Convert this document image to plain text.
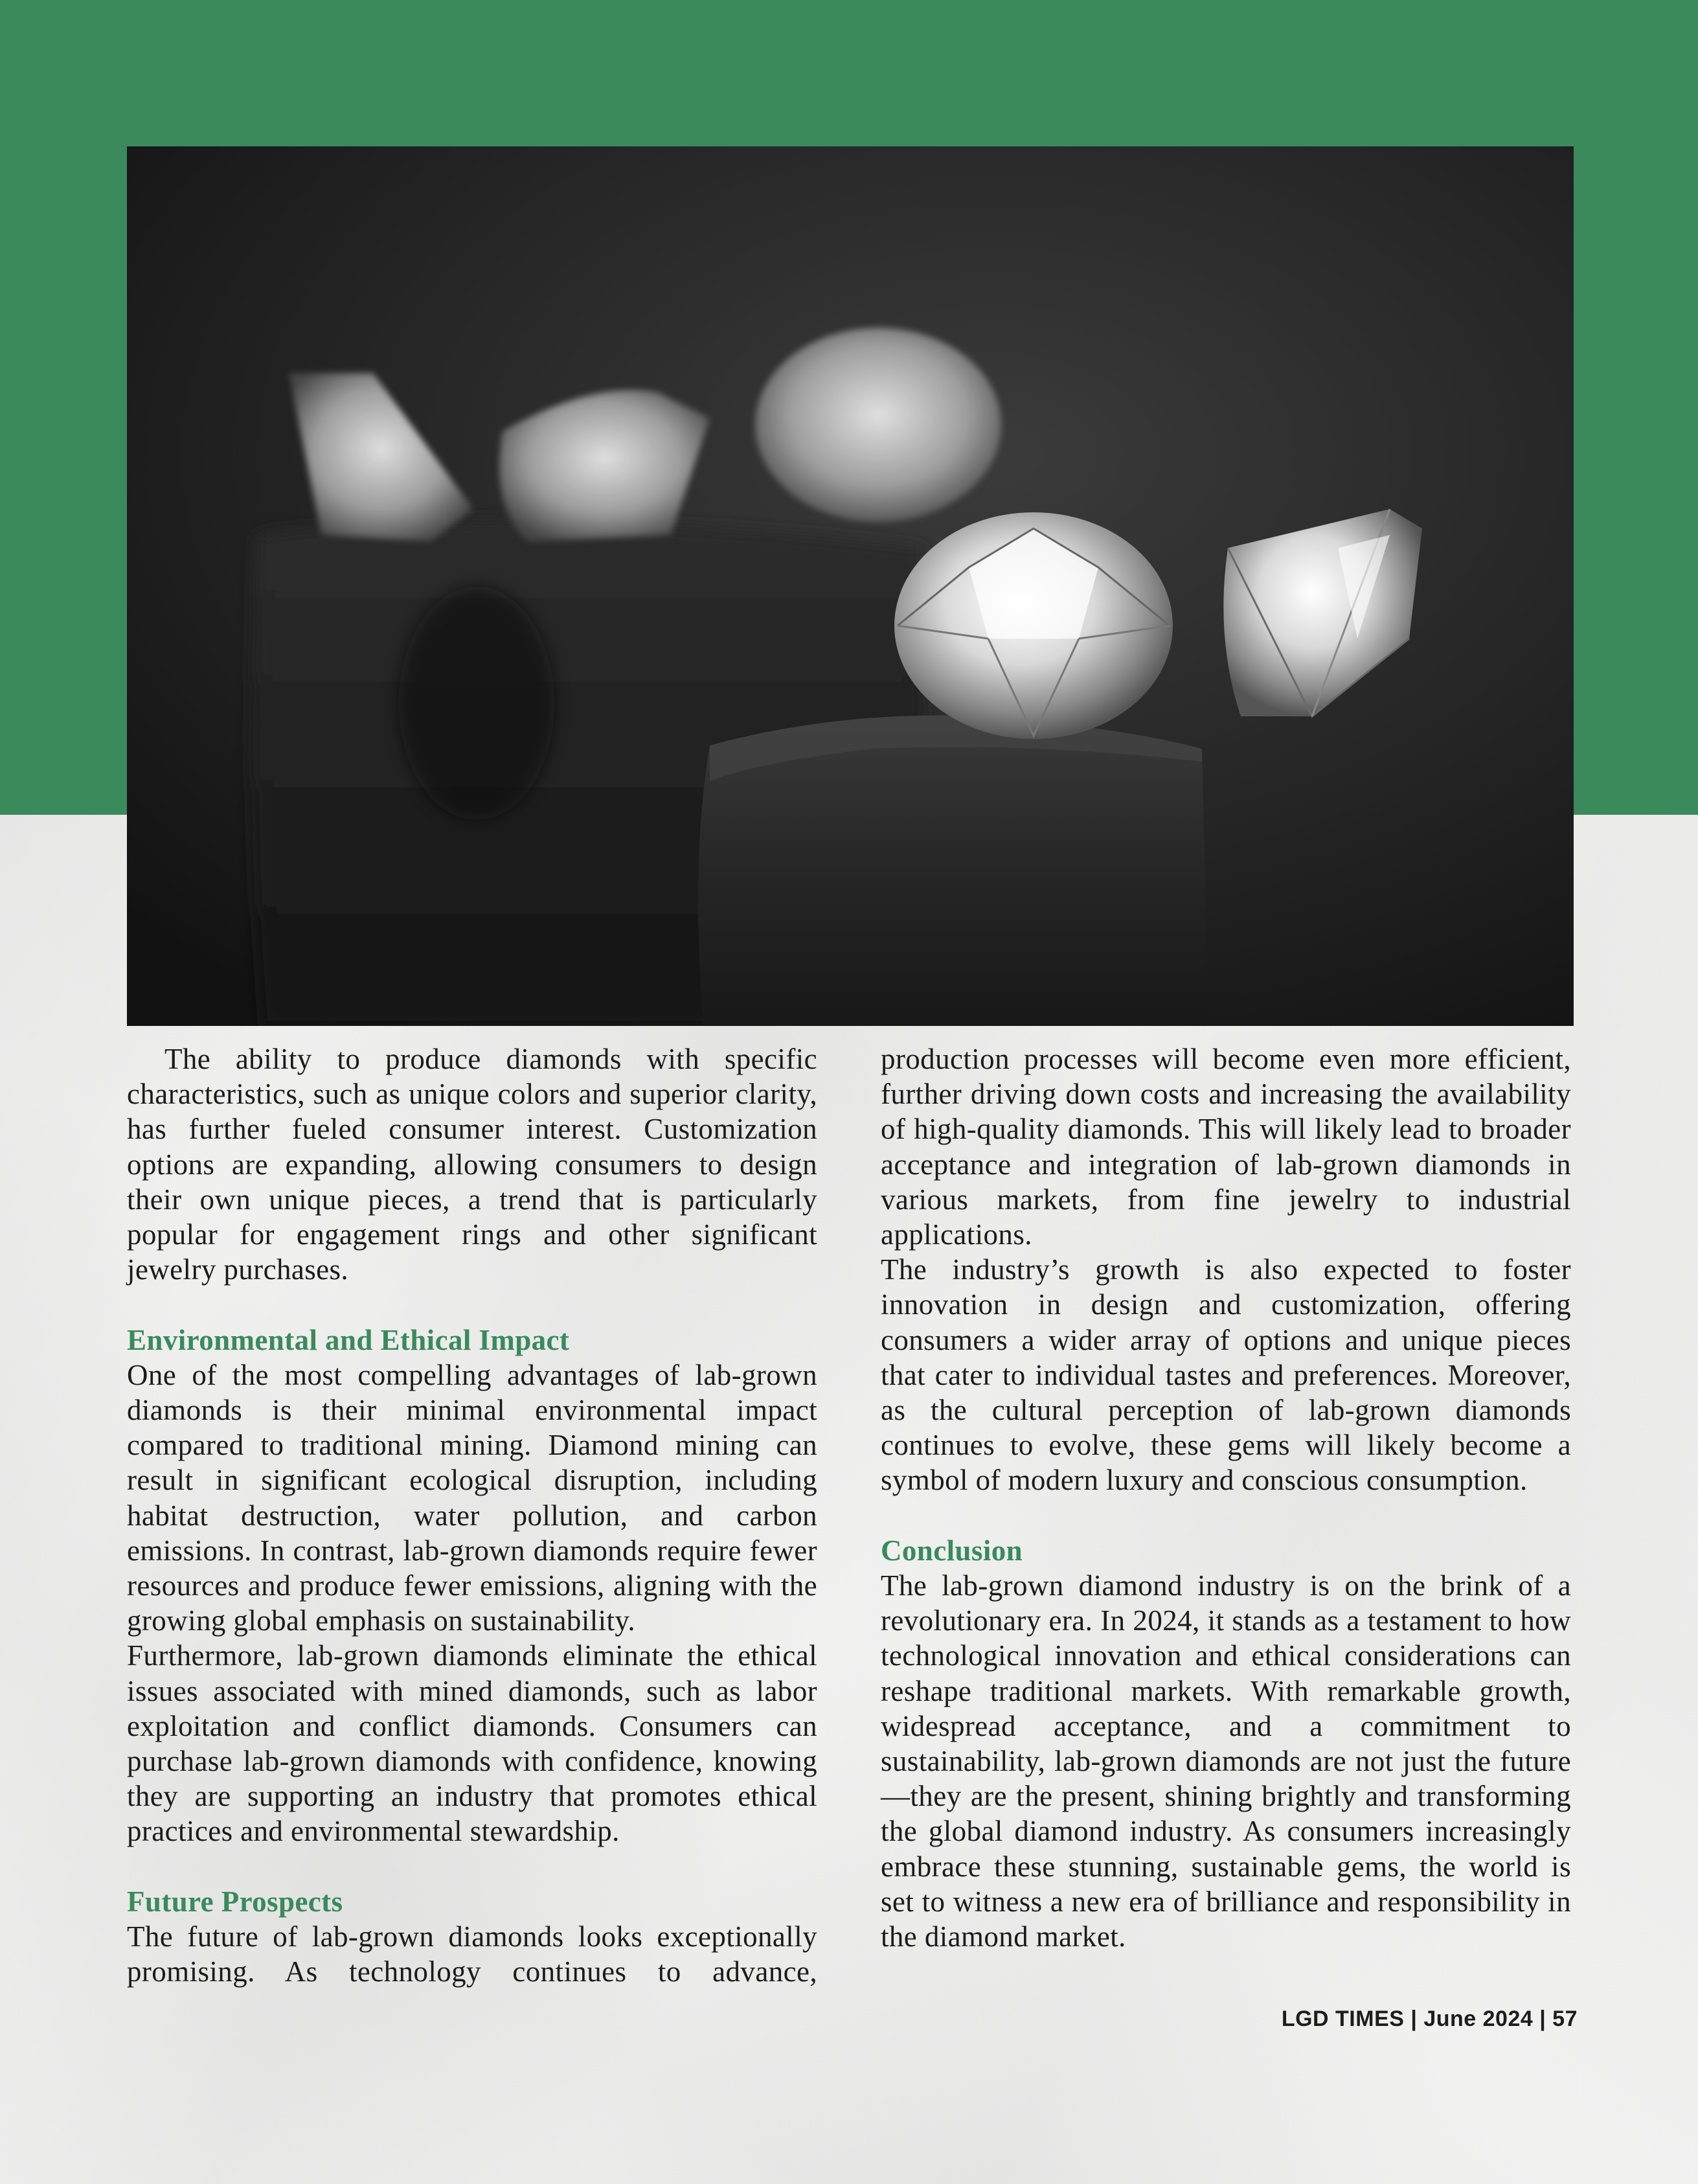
The ability to produce diamonds with specific characteristics, such as unique colors and superior clarity, has further fueled consumer interest. Customization options are expanding, allowing consumers to design their own unique pieces, a trend that is particularly popular for engagement rings and other significant jewelry purchases.

Environmental and Ethical Impact

One of the most compelling advantages of lab-grown diamonds is their minimal environmental impact compared to traditional mining. Diamond mining can result in significant ecological disruption, including habitat destruction, water pollution, and carbon emissions. In contrast, lab-grown diamonds require fewer resources and produce fewer emissions, aligning with the growing global emphasis on sustainability.

Furthermore, lab-grown diamonds eliminate the ethical issues associated with mined diamonds, such as labor exploitation and conflict diamonds. Consumers can purchase lab-grown diamonds with confidence, knowing they are supporting an industry that promotes ethical practices and environmental stewardship.

Future Prospects

The future of lab-grown diamonds looks exceptionally promising. As technology continues to advance,

production processes will become even more efficient, further driving down costs and increasing the availability of high-quality diamonds. This will likely lead to broader acceptance and integration of lab-grown diamonds in various markets, from fine jewelry to industrial applications.

The industry’s growth is also expected to foster innovation in design and customization, offering consumers a wider array of options and unique pieces that cater to individual tastes and preferences. Moreover, as the cultural perception of lab-grown diamonds continues to evolve, these gems will likely become a symbol of modern luxury and conscious consumption.

Conclusion

The lab-grown diamond industry is on the brink of a revolutionary era. In 2024, it stands as a testament to how technological innovation and ethical considerations can reshape traditional markets. With remarkable growth, widespread acceptance, and a commitment to sustainability, lab-grown diamonds are not just the future—they are the present, shining brightly and transforming the global diamond industry. As consumers increasingly embrace these stunning, sustainable gems, the world is set to witness a new era of brilliance and responsibility in the diamond market.

LGD TIMES | June 2024 | 57
